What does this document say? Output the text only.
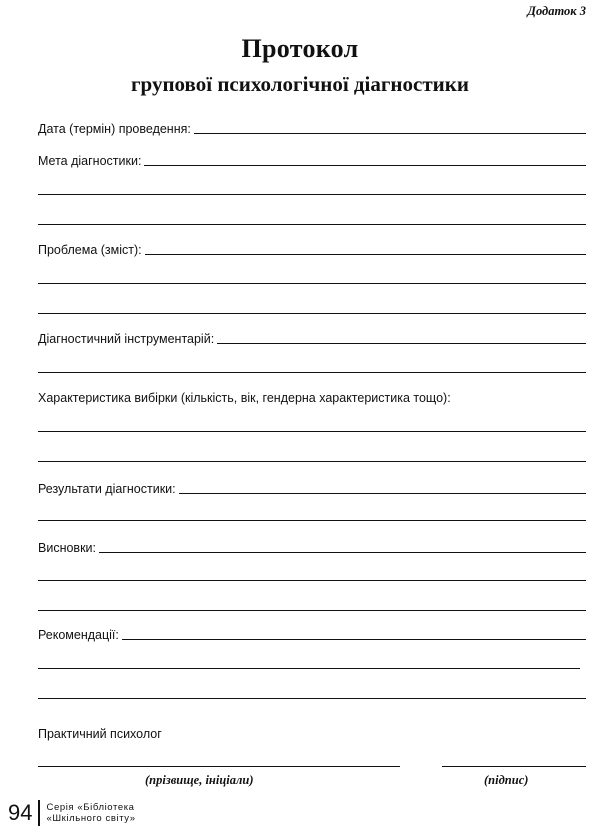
Додаток 3
Протокол
групової психологічної діагностики
Дата (термін) проведення:
Мета діагностики:
Проблема (зміст):
Діагностичний інструментарій:
Характеристика вибірки (кількість, вік, гендерна характеристика тощо):
Результати діагностики:
Висновки:
Рекомендації:
Практичний психолог
(прізвище, ініціали)	(підпис)
94	Серія «Бібліотека
«Шкільного світу»
